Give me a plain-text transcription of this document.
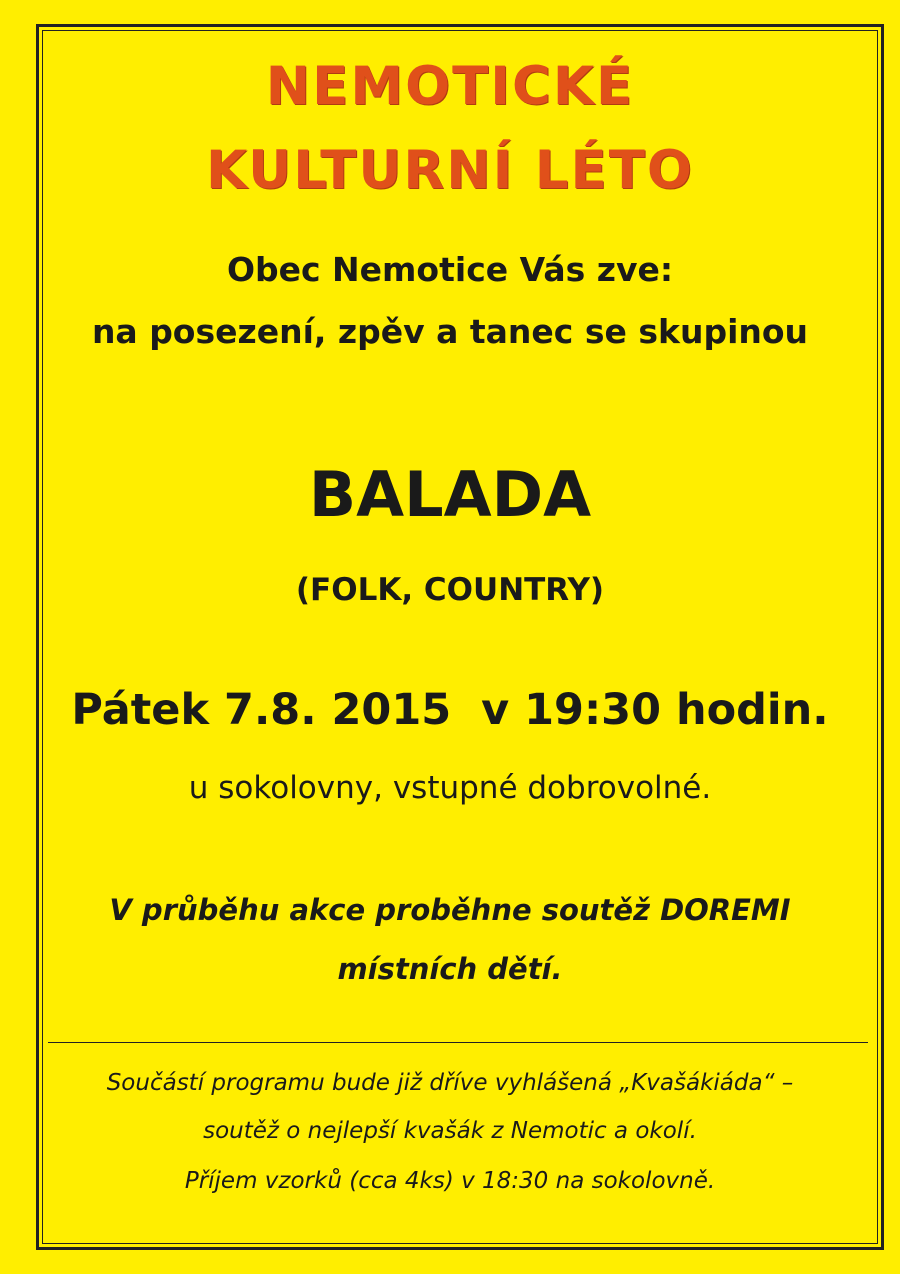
NEMOTICKÉ
KULTURNÍ LÉTO
Obec Nemotice Vás zve:
na posezení, zpěv a tanec se skupinou
BALADA
(FOLK, COUNTRY)
Pátek 7.8. 2015  v 19:30 hodin.
u sokolovny, vstupné dobrovolné.
V průběhu akce proběhne soutěž DOREMI
místních dětí.
Součástí programu bude již dříve vyhlášená „Kvašákiáda“ –
soutěž o nejlepší kvašák z Nemotic a okolí.
Příjem vzorků (cca 4ks) v 18:30 na sokolovně.
